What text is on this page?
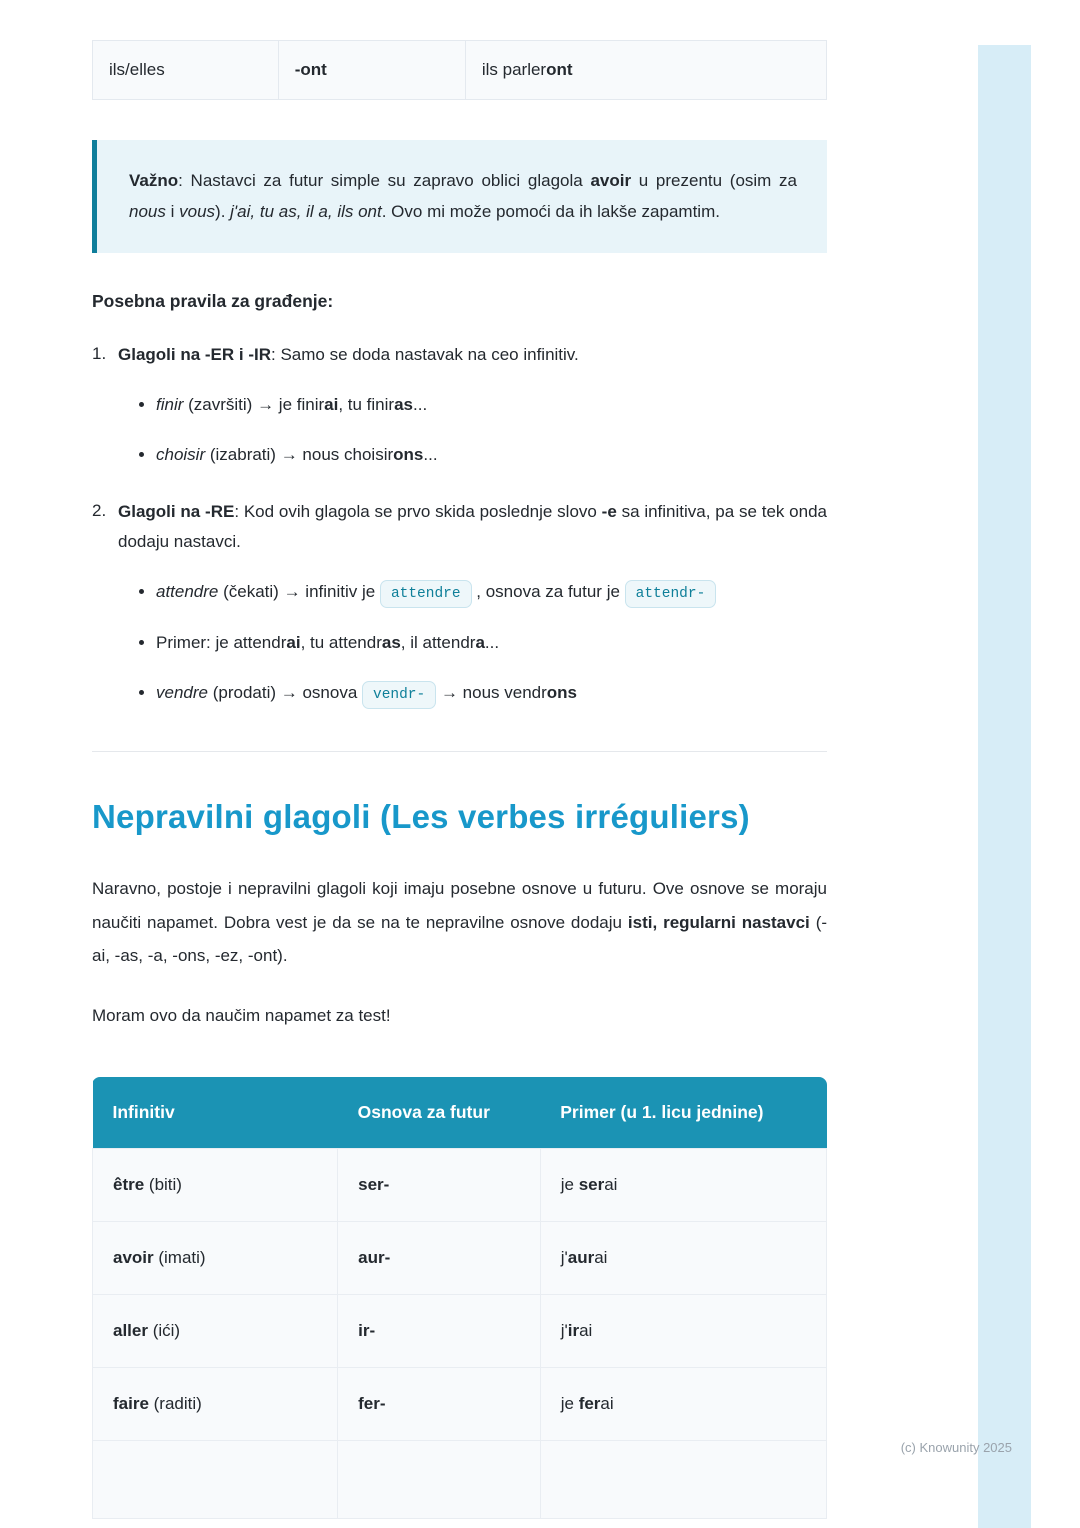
ils/elles	-ont	ils parleront

Važno: Nastavci za futur simple su zapravo oblici glagola avoir u prezentu (osim za nous i vous). j'ai, tu as, il a, ils ont. Ovo mi može pomoći da ih lakše zapamtim.

Posebna pravila za građenje:

1. Glagoli na -ER i -IR: Samo se doda nastavak na ceo infinitiv.

• finir (završiti) → je finirai, tu finiras...
• choisir (izabrati) → nous choisirons...
2. Glagoli na -RE: Kod ovih glagola se prvo skida poslednje slovo -e sa infinitiva, pa se tek onda dodaju nastavci.

• attendre (čekati) → infinitiv je attendre , osnova za futur je attendr-
• Primer: je attendrai, tu attendras, il attendra...
• vendre (prodati) → osnova vendr- → nous vendrons
Nepravilni glagoli (Les verbes irréguliers)

Naravno, postoje i nepravilni glagoli koji imaju posebne osnove u futuru. Ove osnove se moraju naučiti napamet. Dobra vest je da se na te nepravilne osnove dodaju isti, regularni nastavci (-ai, -as, -a, -ons, -ez, -ont).

Moram ovo da naučim napamet za test!

Infinitiv	Osnova za futur	Primer (u 1. licu jednine)
être (biti)	ser-	je serai
avoir (imati)	aur-	j'aurai
aller (ići)	ir-	j'irai
faire (raditi)	fer-	je ferai

(c) Knowunity 2025
